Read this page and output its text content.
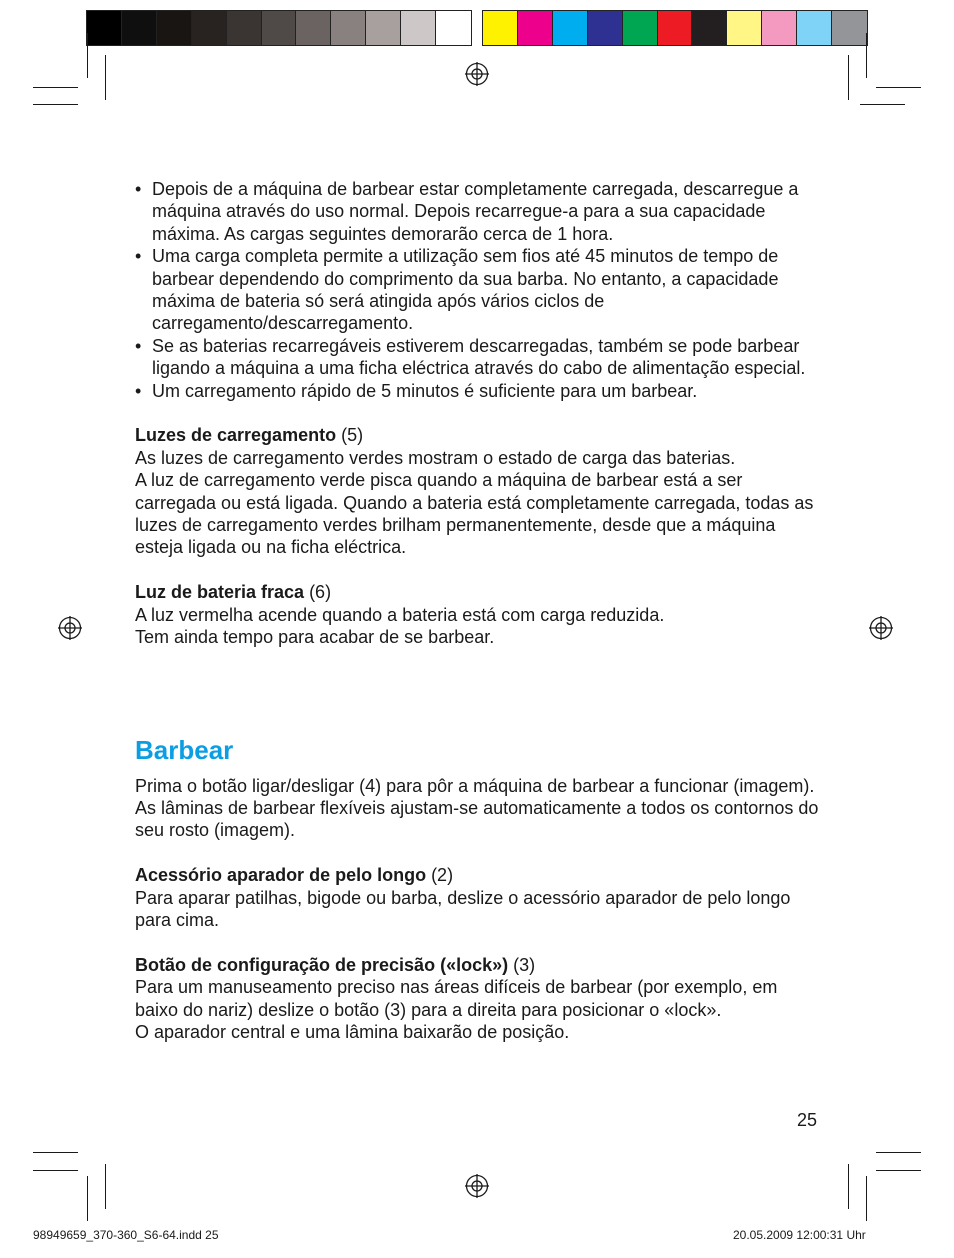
• Depois de a máquina de barbear estar completamente carregada, descarregue a máquina através do uso normal. Depois recarregue-a para a sua capacidade máxima. As cargas seguintes demorarão cerca de 1 hora.
• Uma carga completa permite a utilização sem fios até 45 minutos de tempo de barbear dependendo do comprimento da sua barba. No entanto, a capacidade máxima de bateria só será atingida após vários ciclos de carregamento/descarregamento.
• Se as baterias recarregáveis estiverem descarregadas, também se pode barbear ligando a máquina a uma ficha eléctrica através do cabo de alimentação especial.
• Um carregamento rápido de 5 minutos é suficiente para um barbear.

Luzes de carregamento (5)

As luzes de carregamento verdes mostram o estado de carga das baterias.

A luz de carregamento verde pisca quando a máquina de barbear está a ser carregada ou está ligada. Quando a bateria está completamente carregada, todas as luzes de carregamento verdes brilham permanentemente, desde que a máquina esteja ligada ou na ficha eléctrica.

Luz de bateria fraca (6)

A luz vermelha acende quando a bateria está com carga reduzida.

Tem ainda tempo para acabar de se barbear.

Barbear

Prima o botão ligar/desligar (4) para pôr a máquina de barbear a funcionar (imagem).

As lâminas de barbear flexíveis ajustam-se automaticamente a todos os contornos do seu rosto (imagem).

Acessório aparador de pelo longo (2)

Para aparar patilhas, bigode ou barba, deslize o acessório aparador de pelo longo para cima.

Botão de configuração de precisão («lock») (3)

Para um manuseamento preciso nas áreas difíceis de barbear (por exemplo, em baixo do nariz) deslize o botão (3) para a direita para posicionar o «lock».

O aparador central e uma lâmina baixarão de posição.

25
98949659_370-360_S6-64.indd 25	20.05.2009 12:00:31 Uhr
